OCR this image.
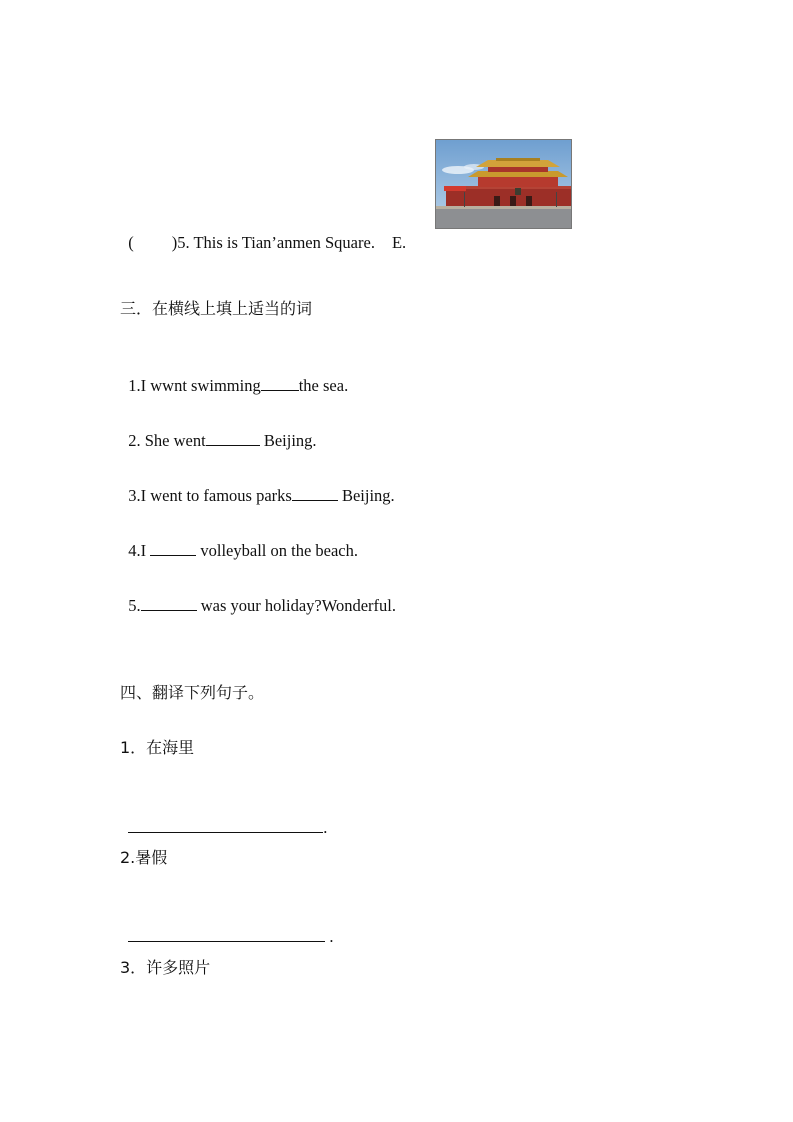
( )5. This is Tian’anmen Square. E.

三．在横线上填上适当的词

1.I wwnt swimming the sea.

2. She went	Beijing.

3.I went to famous parks	Beijing.

4.I	volleyball on the beach.

5.	was your holiday?Wonderful.

四、翻译下列句子。
1．在海里

.

2.暑假

.

3．许多照片
